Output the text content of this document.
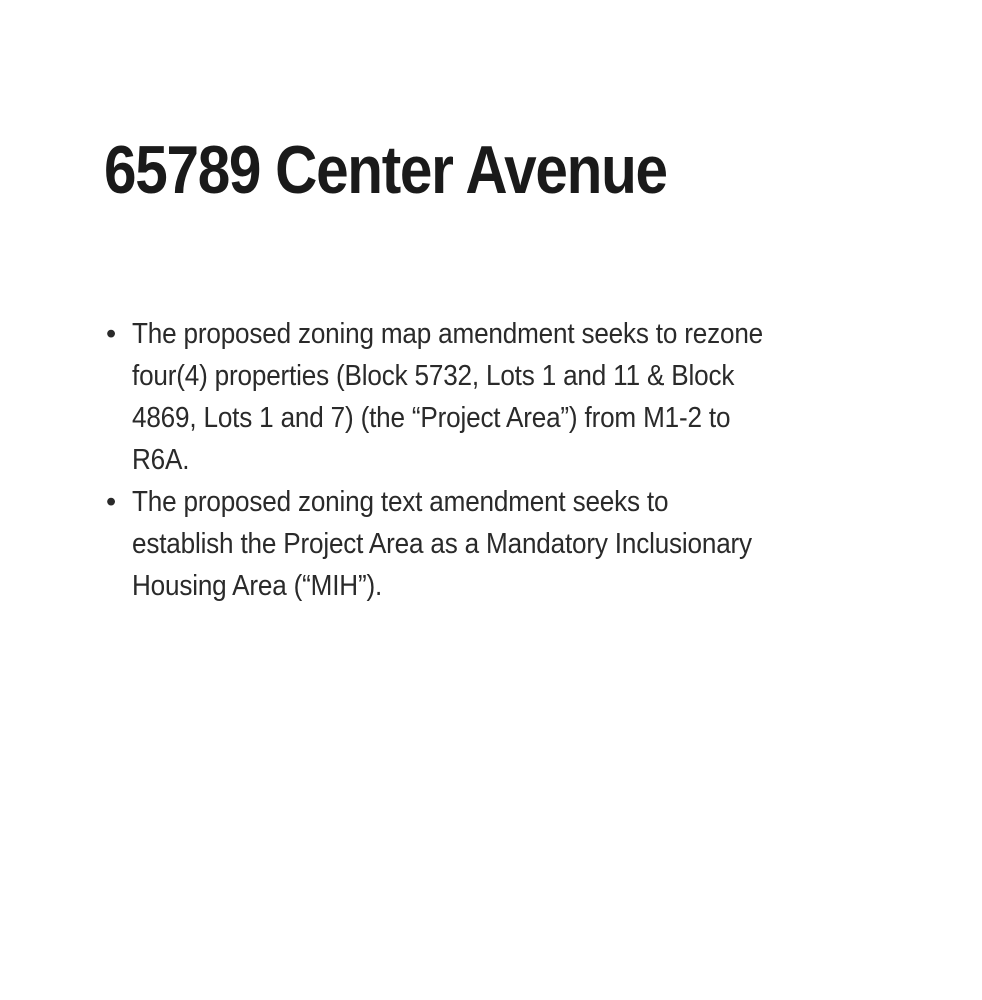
65789 Center Avenue
• The proposed zoning map amendment seeks to rezone
four(4) properties (Block 5732, Lots 1 and 11 & Block
4869, Lots 1 and 7) (the “Project Area”) from M1-2 to
R6A.
• The proposed zoning text amendment seeks to
establish the Project Area as a Mandatory Inclusionary
Housing Area (“MIH”).
